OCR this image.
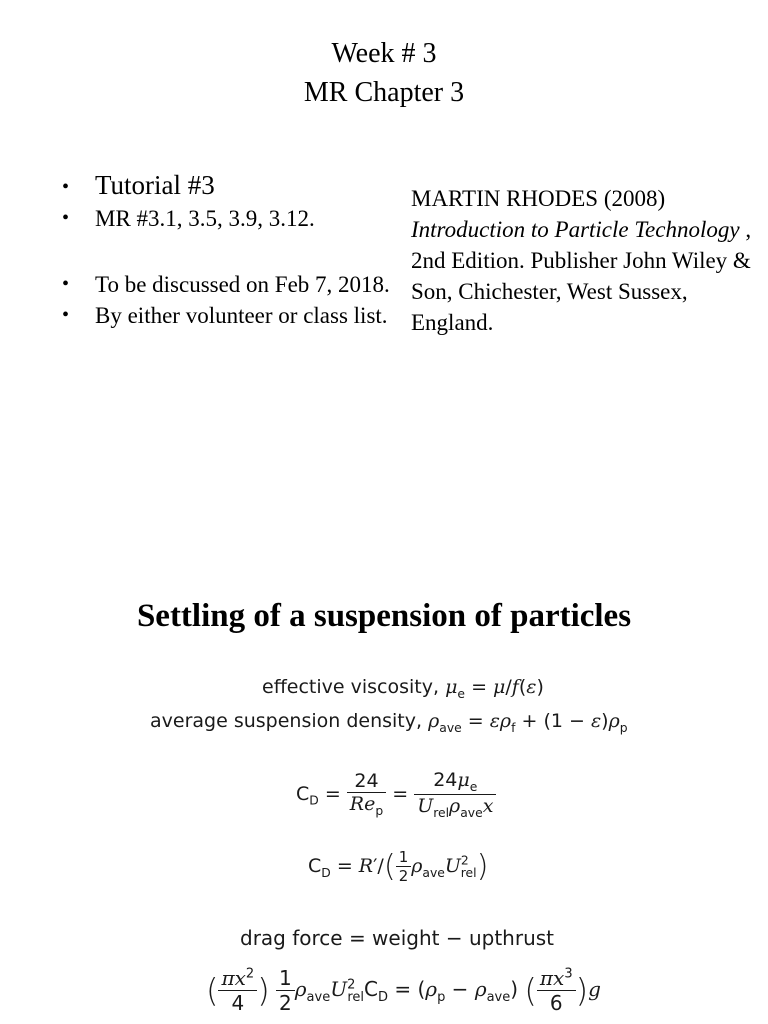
Week # 3
MR Chapter 3
• Tutorial #3
• MR #3.1, 3.5, 3.9, 3.12.
• To be discussed on Feb 7, 2018.
• By either volunteer or class list.
MARTIN RHODES (2008)
Introduction to Particle Technology , 2nd Edition. Publisher John Wiley & Son, Chichester, West Sussex, England.
Settling of a suspension of particles
effective viscosity, $\mu_e = \mu/f(\varepsilon)$
average suspension density, $\rho_{ave} = \varepsilon\rho_f + (1 - \varepsilon)\rho_p$
$C_D = \frac{24}{Re_p} = \frac{24\mu_e}{U_{rel}\rho_{ave}x}$
$C_D = R'/( \frac{1}{2} \rho_{ave}U^2_{rel})$
drag force = weight − upthrust
( $\frac{\pi x^2}{4}$ ) $\frac{1}{2} \rho_{ave}U^2_{rel}C_D = (\rho_p - \rho_{ave})$ ( $\frac{\pi x^3}{6} )g$
